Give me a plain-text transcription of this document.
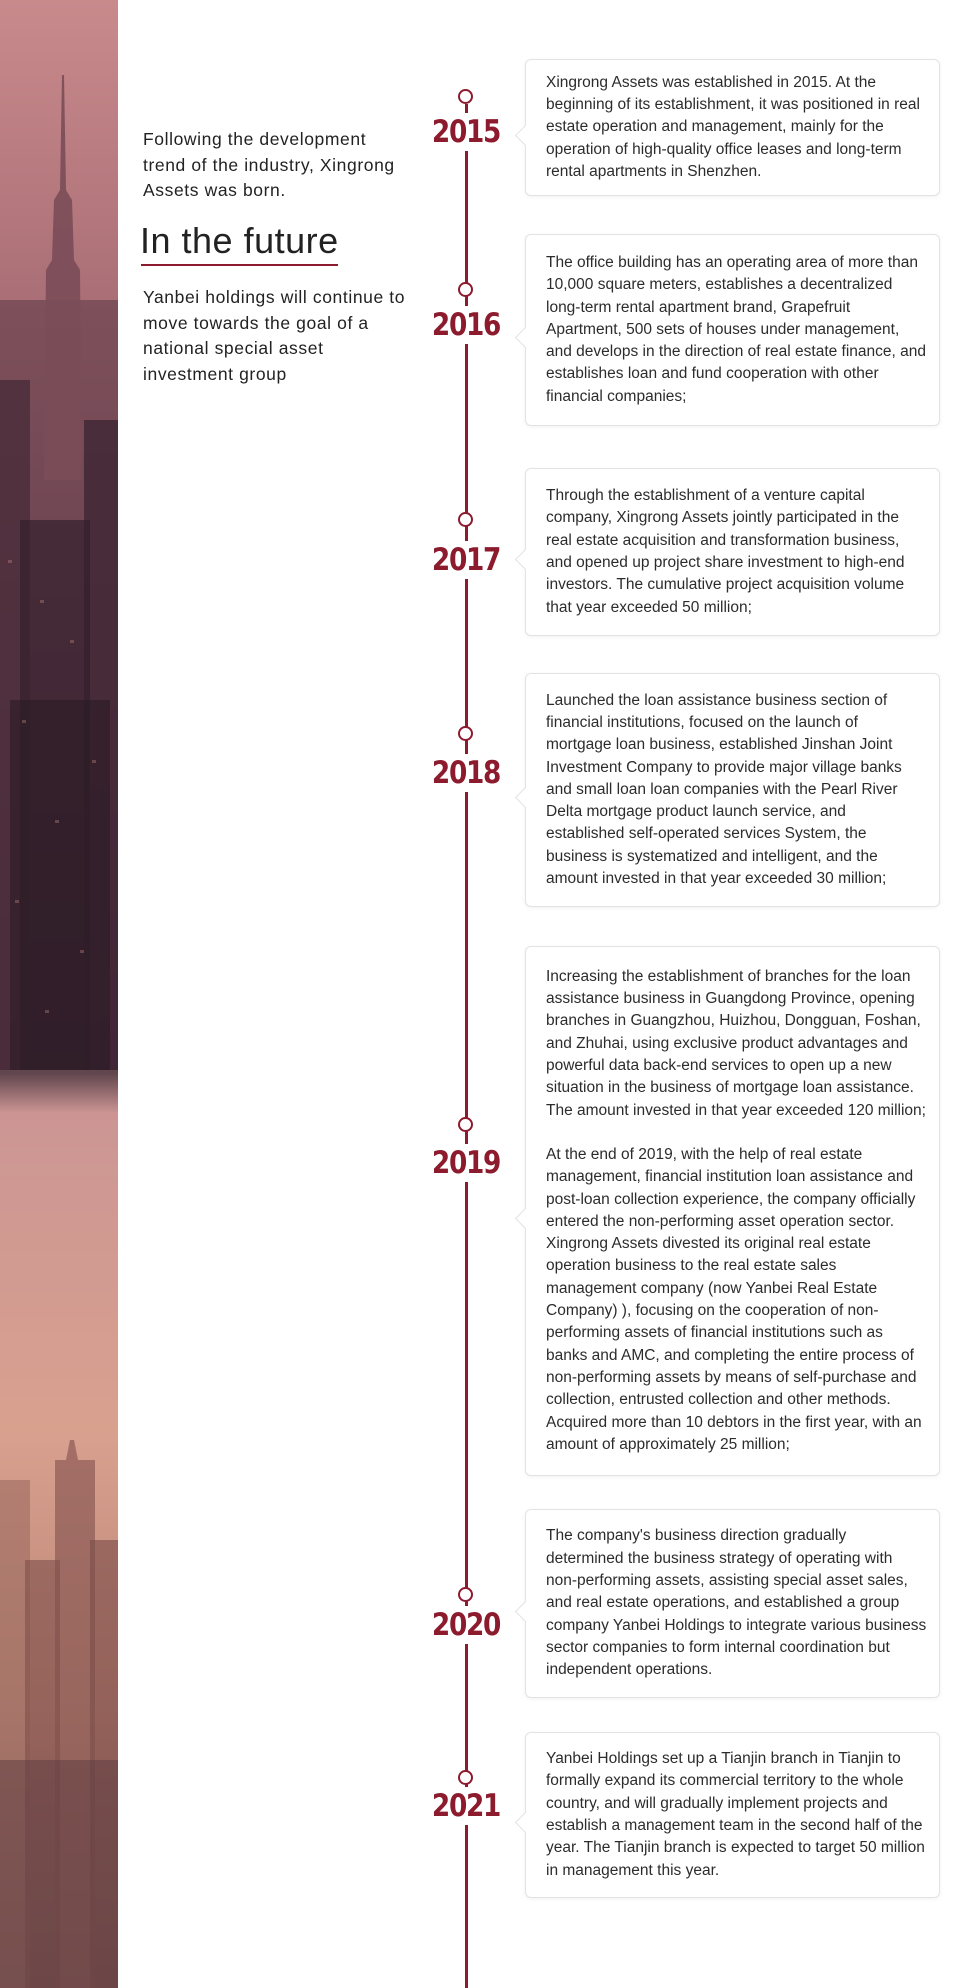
Following the development trend of the industry, Xingrong Assets was born.
In the future
Yanbei holdings will continue to move towards the goal of a national special asset investment group
2015

Xingrong Assets was established in 2015. At the beginning of its establishment, it was positioned in real estate operation and management, mainly for the operation of high-quality office leases and long-term rental apartments in Shenzhen.

2016

The office building has an operating area of more than 10,000 square meters, establishes a decentralized long-term rental apartment brand, Grapefruit Apartment, 500 sets of houses under management, and develops in the direction of real estate finance, and establishes loan and fund cooperation with other financial companies;

2017

Through the establishment of a venture capital company, Xingrong Assets jointly participated in the real estate acquisition and transformation business, and opened up project share investment to high-end investors. The cumulative project acquisition volume that year exceeded 50 million;

2018

Launched the loan assistance business section of financial institutions, focused on the launch of mortgage loan business, established Jinshan Joint Investment Company to provide major village banks and small loan loan companies with the Pearl River Delta mortgage product launch service, and established self-operated services System, the business is systematized and intelligent, and the amount invested in that year exceeded 30 million;

2019

Increasing the establishment of branches for the loan assistance business in Guangdong Province, opening branches in Guangzhou, Huizhou, Dongguan, Foshan, and Zhuhai, using exclusive product advantages and powerful data back-end services to open up a new situation in the business of mortgage loan assistance. The amount invested in that year exceeded 120 million;

At the end of 2019, with the help of real estate management, financial institution loan assistance and post-loan collection experience, the company officially entered the non-performing asset operation sector. Xingrong Assets divested its original real estate operation business to the real estate sales management company (now Yanbei Real Estate Company) ), focusing on the cooperation of non-performing assets of financial institutions such as banks and AMC, and completing the entire process of non-performing assets by means of self-purchase and collection, entrusted collection and other methods. Acquired more than 10 debtors in the first year, with an amount of approximately 25 million;

2020

The company's business direction gradually determined the business strategy of operating with non-performing assets, assisting special asset sales, and real estate operations, and established a group company Yanbei Holdings to integrate various business sector companies to form internal coordination but independent operations.

2021

Yanbei Holdings set up a Tianjin branch in Tianjin to formally expand its commercial territory to the whole country, and will gradually implement projects and establish a management team in the second half of the year. The Tianjin branch is expected to target 50 million in management this year.
